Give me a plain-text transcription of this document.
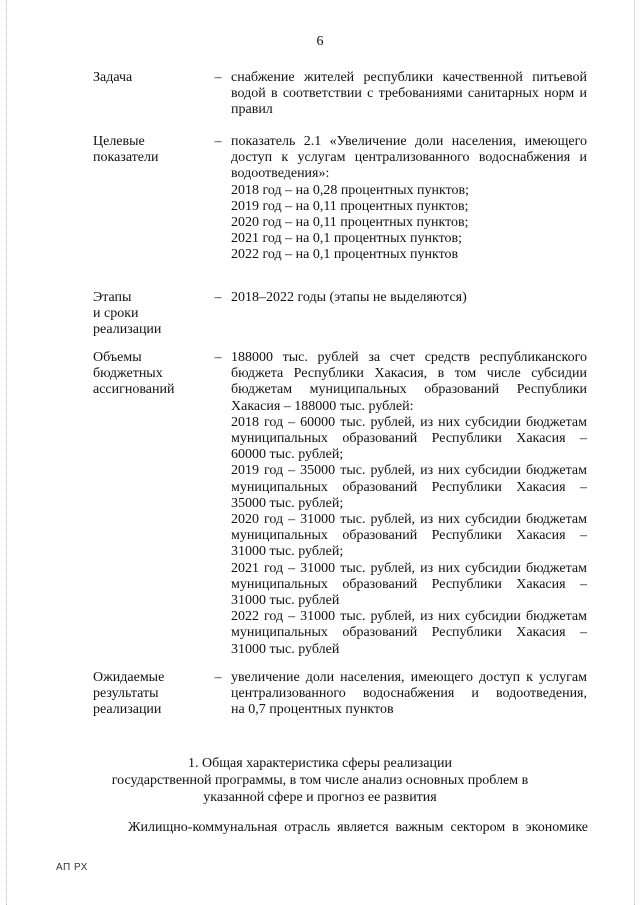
6
Задача	– снабжение жителей республики качественной питьевой

водой в соответствии с требованиями санитарных норм и

правил

Целевые
показатели
– показатель 2.1 «Увеличение доли населения, имеющего

доступ к услугам централизованного водоснабжения и

водоотведения»:

2018 год – на 0,28 процентных пунктов;

2019 год – на 0,11 процентных пунктов;

2020 год – на 0,11 процентных пунктов;

2021 год – на 0,1 процентных пунктов;

2022 год – на 0,1 процентных пунктов

Этапы
и сроки
реализации
– 2018–2022 годы (этапы не выделяются)

Объемы
бюджетных
ассигнований
– 188000 тыс. рублей за счет средств республиканского

бюджета Республики Хакасия, в том числе субсидии

бюджетам муниципальных образований Республики

Хакасия – 188000 тыс. рублей:

2018 год – 60000 тыс. рублей, из них субсидии бюджетам

муниципальных образований Республики Хакасия –

60000 тыс. рублей;

2019 год – 35000 тыс. рублей, из них субсидии бюджетам

муниципальных образований Республики Хакасия –

35000 тыс. рублей;

2020 год – 31000 тыс. рублей, из них субсидии бюджетам

муниципальных образований Республики Хакасия –

31000 тыс. рублей;

2021 год – 31000 тыс. рублей, из них субсидии бюджетам

муниципальных образований Республики Хакасия –

31000 тыс. рублей

2022 год – 31000 тыс. рублей, из них субсидии бюджетам

муниципальных образований Республики Хакасия –

31000 тыс. рублей

Ожидаемые
результаты
реализации
– увеличение доли населения, имеющего доступ к услугам

централизованного водоснабжения и водоотведения,

на 0,7 процентных пунктов

1. Общая характеристика сферы реализации
государственной программы, в том числе анализ основных проблем в
указанной сфере и прогноз ее развития
Жилищно-коммунальная отрасль является важным сектором в экономике
АП РХ
